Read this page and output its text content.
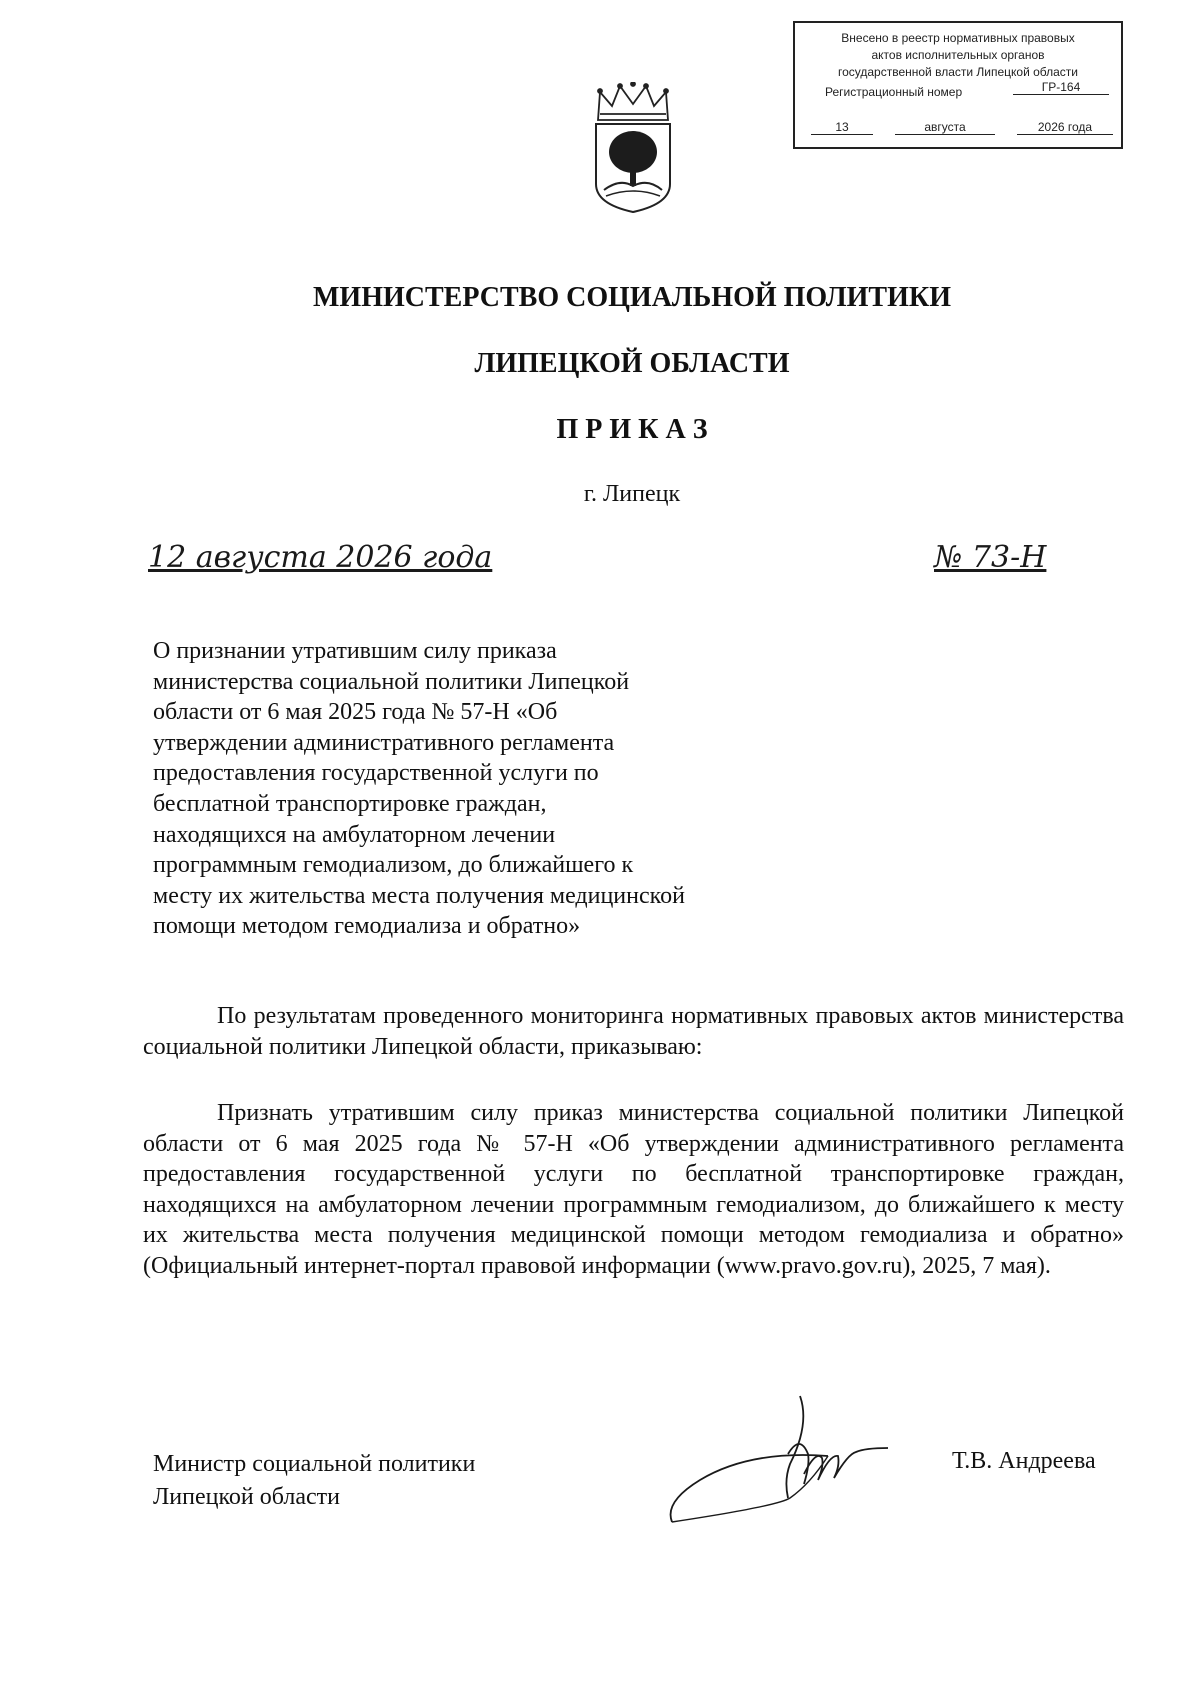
Внесено в реестр нормативных правовых
актов исполнительных органов
государственной власти Липецкой области
Регистрационный номер	ГР-164
13	августа	2026 года
МИНИСТЕРСТВО СОЦИАЛЬНОЙ ПОЛИТИКИ
ЛИПЕЦКОЙ ОБЛАСТИ
П Р И К А З
г. Липецк
12 августа 2026 года	№ 73-Н
О признании утратившим силу приказа
министерства социальной политики Липецкой
области от 6 мая 2025 года № 57-Н «Об
утверждении административного регламента
предоставления государственной услуги по
бесплатной транспортировке граждан,
находящихся на амбулаторном лечении
программным гемодиализом, до ближайшего к
месту их жительства места получения медицинской
помощи методом гемодиализа и обратно»
По результатам проведенного мониторинга нормативных правовых актов министерства социальной политики Липецкой области, приказываю:
Признать утратившим силу приказ министерства социальной политики Липецкой области от 6 мая 2025 года № 57-Н «Об утверждении административного регламента предоставления государственной услуги по бесплатной транспортировке граждан, находящихся на амбулаторном лечении программным гемодиализом, до ближайшего к месту их жительства места получения медицинской помощи методом гемодиализа и обратно» (Официальный интернет-портал правовой информации (www.pravo.gov.ru), 2025, 7 мая).
Министр социальной политики
Липецкой области
Т.В. Андреева
